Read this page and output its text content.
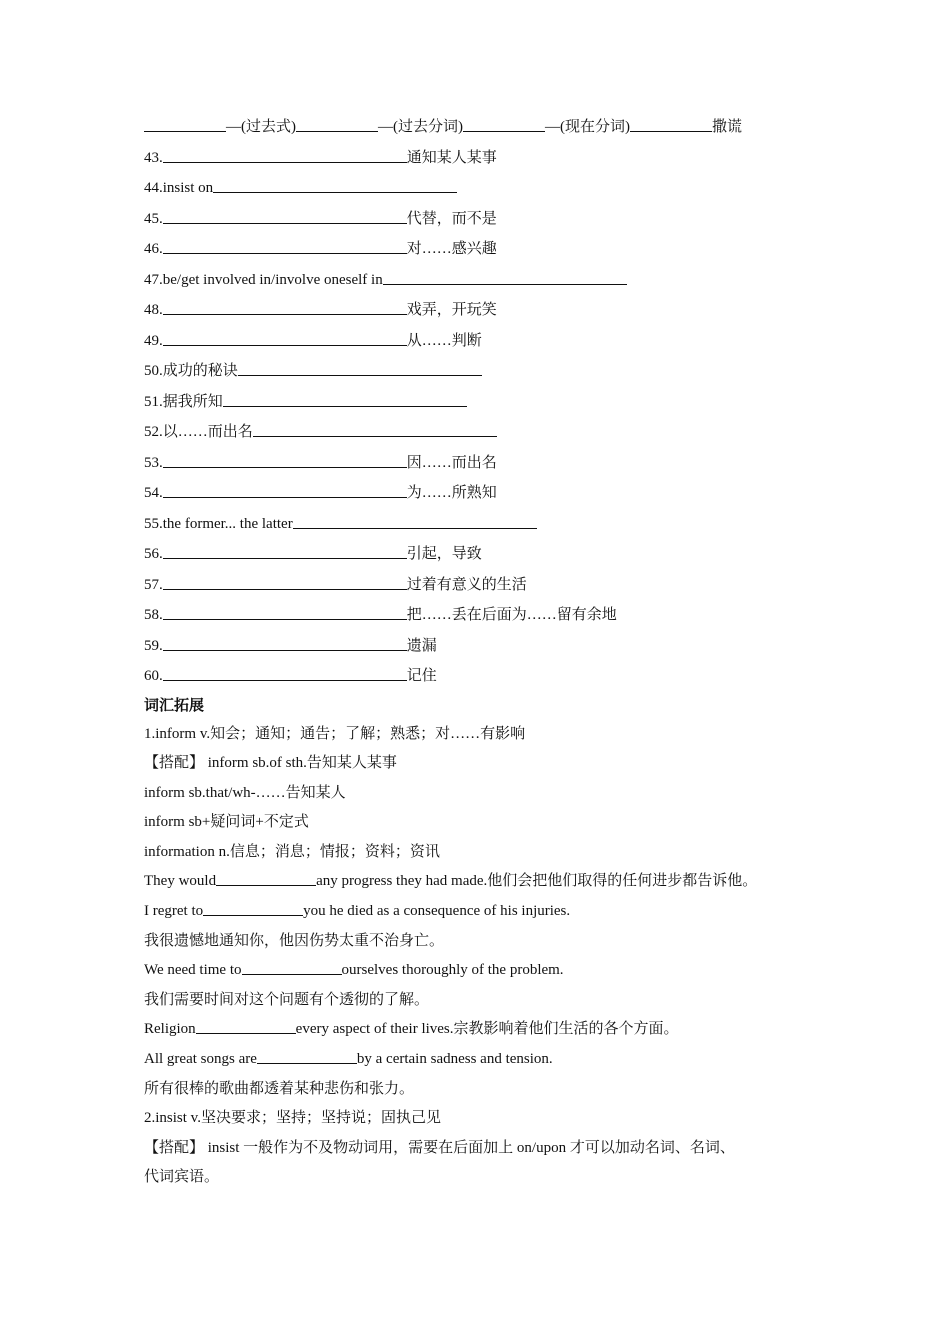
—(过去式)	—(过去分词)	—(现在分词)	撒谎
43.	通知某人某事
44.insist on
45.	代替，而不是
46.	对……感兴趣
47.be/get involved in/involve oneself in
48.	戏弄，开玩笑
49.	从……判断
50.成功的秘诀
51.据我所知
52.以……而出名
53.	因……而出名
54.	为……所熟知
55.the former... the latter
56.	引起，导致
57.	过着有意义的生活
58.	把……丢在后面为……留有余地
59.	遗漏
60.	记住
词汇拓展
1.inform v.知会；通知；通告；了解；熟悉；对……有影响
【搭配】 inform sb.of sth.告知某人某事
inform sb.that/wh-……告知某人
inform sb+疑问词+不定式
information n.信息；消息；情报；资料；资讯
They would	any progress they had made.他们会把他们取得的任何进步都告诉他。
I regret to	you he died as a consequence of his injuries.
我很遗憾地通知你，他因伤势太重不治身亡。
We need time to	ourselves thoroughly of the problem.
我们需要时间对这个问题有个透彻的了解。
Religion	every aspect of their lives.宗教影响着他们生活的各个方面。
All great songs are	by a certain sadness and tension.
所有很棒的歌曲都透着某种悲伤和张力。
2.insist v.坚决要求；坚持；坚持说；固执己见
【搭配】 insist 一般作为不及物动词用，需要在后面加上 on/upon 才可以加动名词、名词、
代词宾语。
